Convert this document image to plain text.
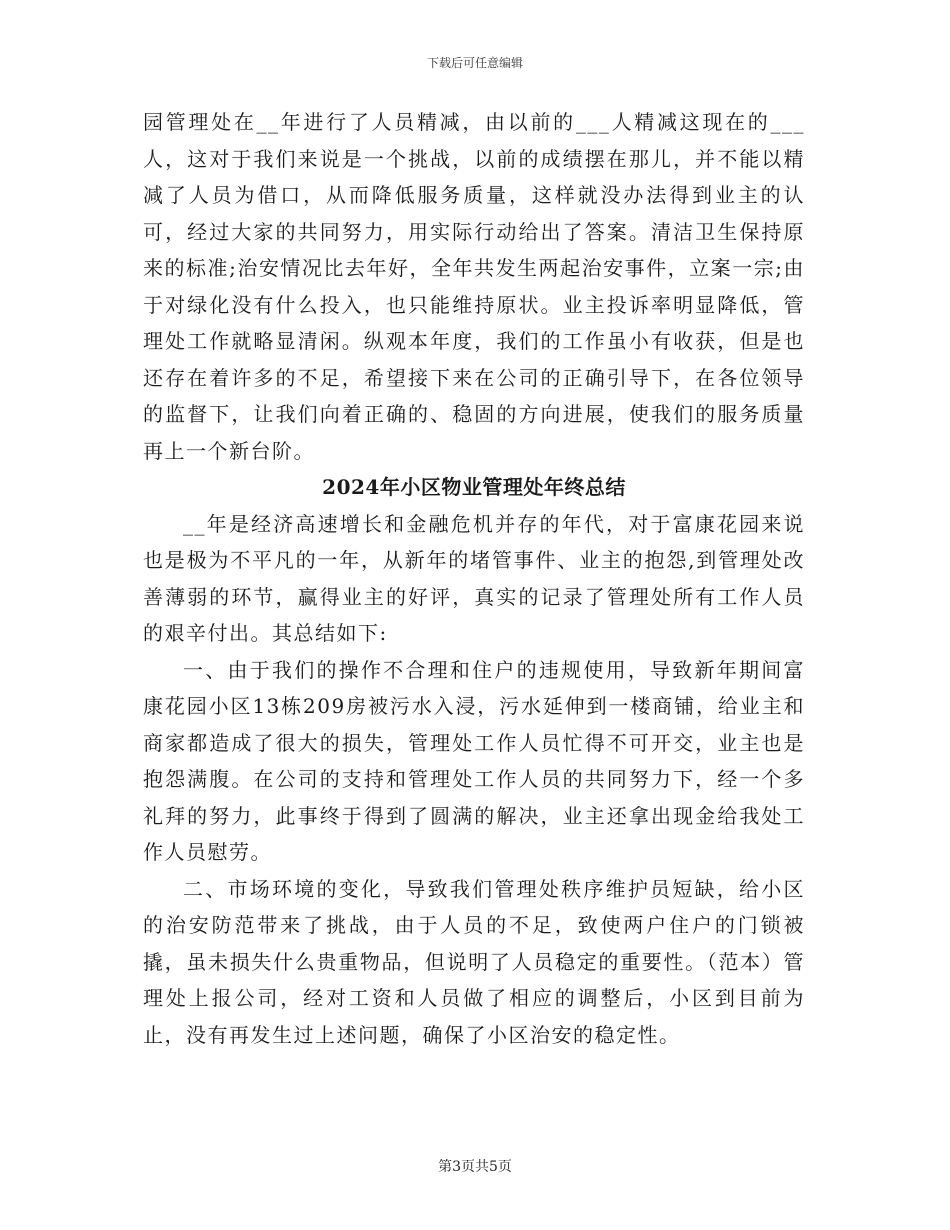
下载后可任意编辑

园管理处在__年进行了人员精减，由以前的___人精减这现在的___人，这对于我们来说是一个挑战，以前的成绩摆在那儿，并不能以精减了人员为借口，从而降低服务质量，这样就没办法得到业主的认可，经过大家的共同努力，用实际行动给出了答案。清洁卫生保持原来的标准;治安情况比去年好，全年共发生两起治安事件，立案一宗;由于对绿化没有什么投入，也只能维持原状。业主投诉率明显降低，管理处工作就略显清闲。纵观本年度，我们的工作虽小有收获，但是也还存在着许多的不足，希望接下来在公司的正确引导下，在各位领导的监督下，让我们向着正确的、稳固的方向进展，使我们的服务质量再上一个新台阶。

2024年小区物业管理处年终总结

__年是经济高速增长和金融危机并存的年代，对于富康花园来说也是极为不平凡的一年，从新年的堵管事件、业主的抱怨,到管理处改善薄弱的环节，赢得业主的好评，真实的记录了管理处所有工作人员的艰辛付出。其总结如下:

一、由于我们的操作不合理和住户的违规使用，导致新年期间富康花园小区13栋209房被污水入浸，污水延伸到一楼商铺，给业主和商家都造成了很大的损失，管理处工作人员忙得不可开交，业主也是抱怨满腹。在公司的支持和管理处工作人员的共同努力下，经一个多礼拜的努力，此事终于得到了圆满的解决，业主还拿出现金给我处工作人员慰劳。

二、市场环境的变化，导致我们管理处秩序维护员短缺，给小区的治安防范带来了挑战，由于人员的不足，致使两户住户的门锁被撬，虽未损失什么贵重物品，但说明了人员稳定的重要性。（范本）管理处上报公司，经对工资和人员做了相应的调整后，小区到目前为止，没有再发生过上述问题，确保了小区治安的稳定性。

第3页共5页
